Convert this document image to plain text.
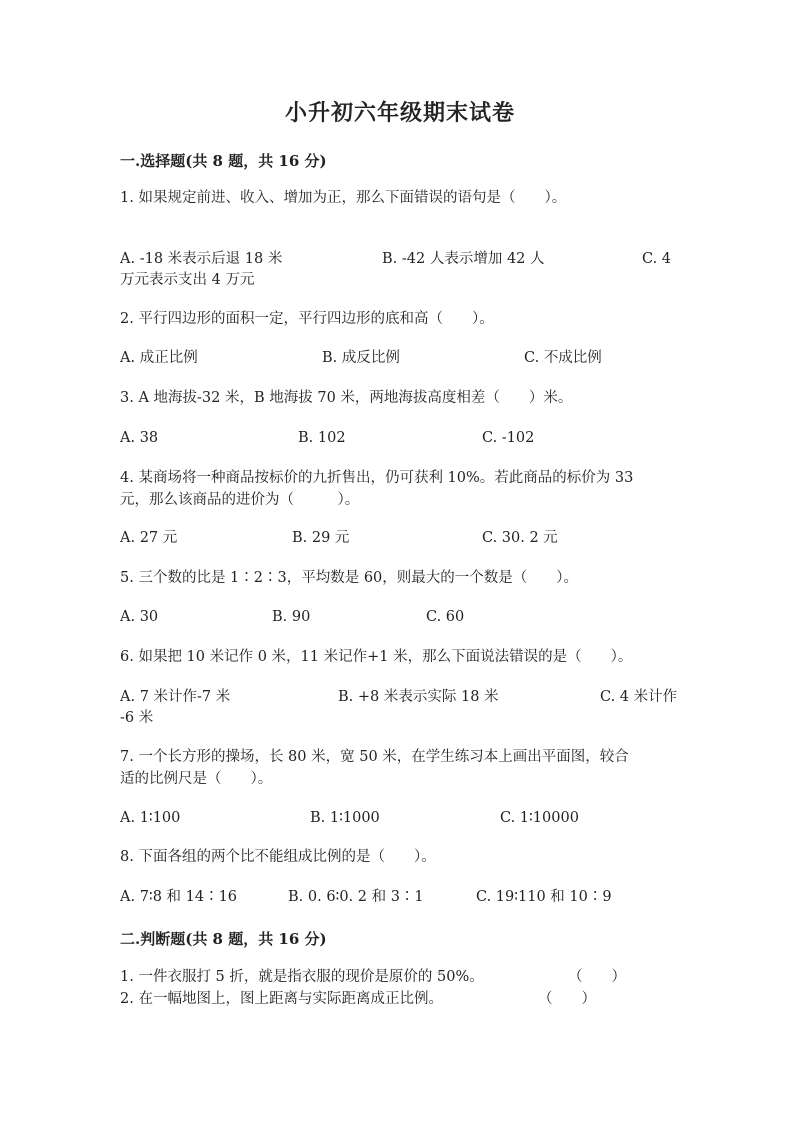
小升初六年级期末试卷
一.选择题(共 8 题，共 16 分)
1. 如果规定前进、收入、增加为正，那么下面错误的语句是（　　）。
A. -18 米表示后退 18 米	B. -42 人表示增加 42 人	C. 4
万元表示支出 4 万元
2. 平行四边形的面积一定，平行四边形的底和高（　　）。
A. 成正比例	B. 成反比例	C. 不成比例
3. A 地海拔-32 米，B 地海拔 70 米，两地海拔高度相差（　　）米。
A. 38	B. 102	C. -102
4. 某商场将一种商品按标价的九折售出，仍可获利 10%。若此商品的标价为 33
元，那么该商品的进价为（　　　）。
A. 27 元	B. 29 元	C. 30. 2 元
5. 三个数的比是 1∶2∶3，平均数是 60，则最大的一个数是（　　）。
A. 30	B. 90	C. 60
6. 如果把 10 米记作 0 米，11 米记作+1 米，那么下面说法错误的是（　　）。
A. 7 米计作-7 米	B. +8 米表示实际 18 米	C. 4 米计作
-6 米
7. 一个长方形的操场，长 80 米，宽 50 米，在学生练习本上画出平面图，较合
适的比例尺是（　　）。
A. 1∶100	B. 1∶1000	C. 1∶10000
8. 下面各组的两个比不能组成比例的是（　　）。
A. 7∶8 和 14∶16	B. 0. 6∶0. 2 和 3∶1	C. 19∶110 和 10∶9
二.判断题(共 8 题，共 16 分)
1. 一件衣服打 5 折，就是指衣服的现价是原价的 50%。	（　　）
2. 在一幅地图上，图上距离与实际距离成正比例。	（　　）
